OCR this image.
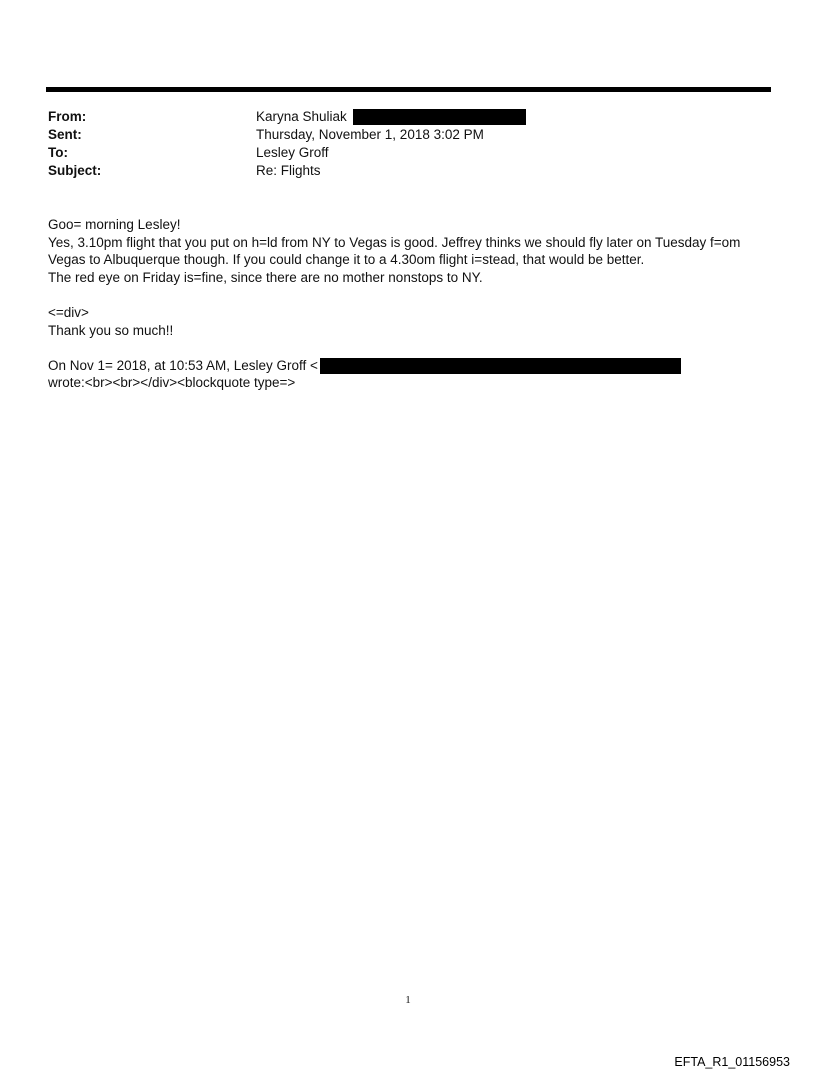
From:	Karyna Shuliak
Sent:	Thursday, November 1, 2018 3:02 PM
To:	Lesley Groff
Subject:	Re: Flights

Goo= morning Lesley!

Yes, 3.10pm flight that you put on h=ld from NY to Vegas is good. Jeffrey thinks we should fly later on Tuesday f=om

Vegas to Albuquerque though. If you could change it to a 4.30om flight i=stead, that would be better.

The red eye on Friday is=fine, since there are no mother nonstops to NY.

<=div>

Thank you so much!!

On Nov 1= 2018, at 10:53 AM, Lesley Groff <

wrote:<br><br></div><blockquote type=>

1
EFTA_R1_01156953
